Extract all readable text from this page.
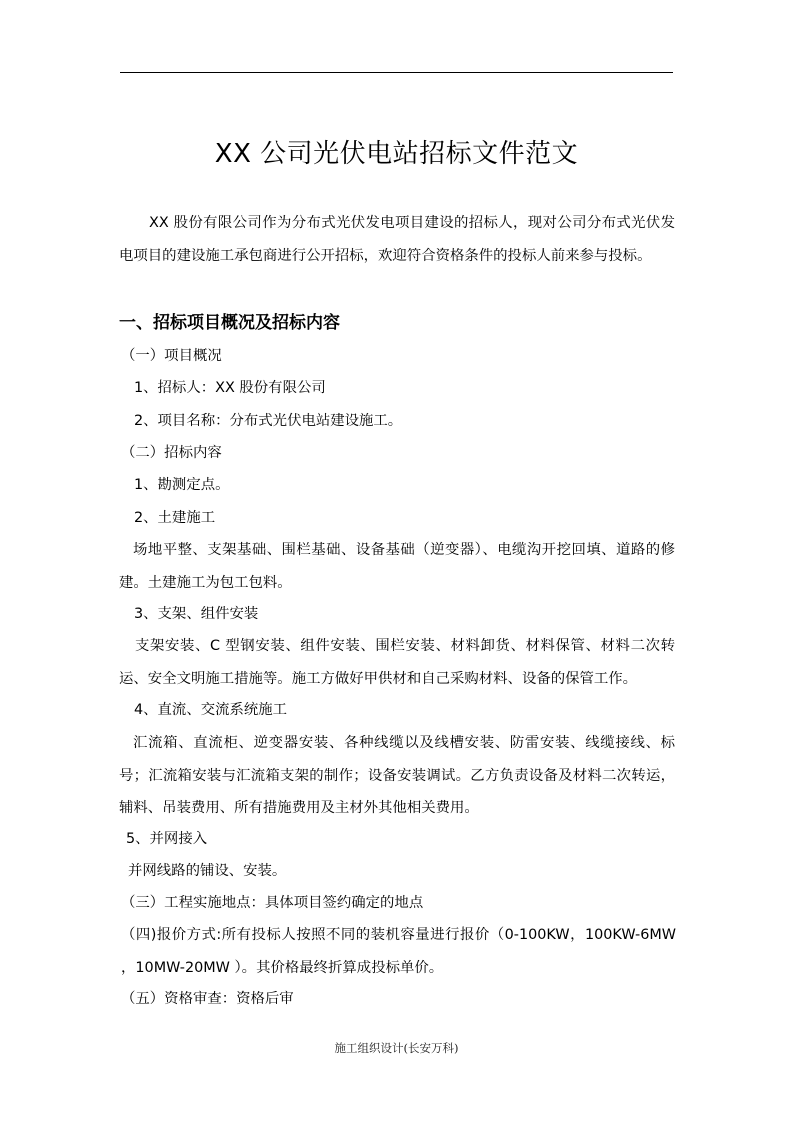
XX 公司光伏电站招标文件范文
XX 股份有限公司作为分布式光伏发电项目建设的招标人，现对公司分布式光伏发电项目的建设施工承包商进行公开招标，欢迎符合资格条件的投标人前来参与投标。
一、招标项目概况及招标内容
（一）项目概况
1、招标人：XX 股份有限公司
2、项目名称：分布式光伏电站建设施工。
（二）招标内容
1、勘测定点。
2、土建施工
场地平整、支架基础、围栏基础、设备基础（逆变器）、电缆沟开挖回填、道路的修建。土建施工为包工包料。
3、支架、组件安装
支架安装、C 型钢安装、组件安装、围栏安装、材料卸货、材料保管、材料二次转运、安全文明施工措施等。施工方做好甲供材和自己采购材料、设备的保管工作。
4、直流、交流系统施工
汇流箱、直流柜、逆变器安装、各种线缆以及线槽安装、防雷安装、线缆接线、标号；汇流箱安装与汇流箱支架的制作；设备安装调试。乙方负责设备及材料二次转运，辅料、吊装费用、所有措施费用及主材外其他相关费用。
5、并网接入
并网线路的铺设、安装。
（三）工程实施地点：具体项目签约确定的地点
（四)报价方式:所有投标人按照不同的装机容量进行报价（0-100KW，100KW-6MW ，10MW-20MW ）。其价格最终折算成投标单价。
（五）资格审查：资格后审
施工组织设计(长安万科)
